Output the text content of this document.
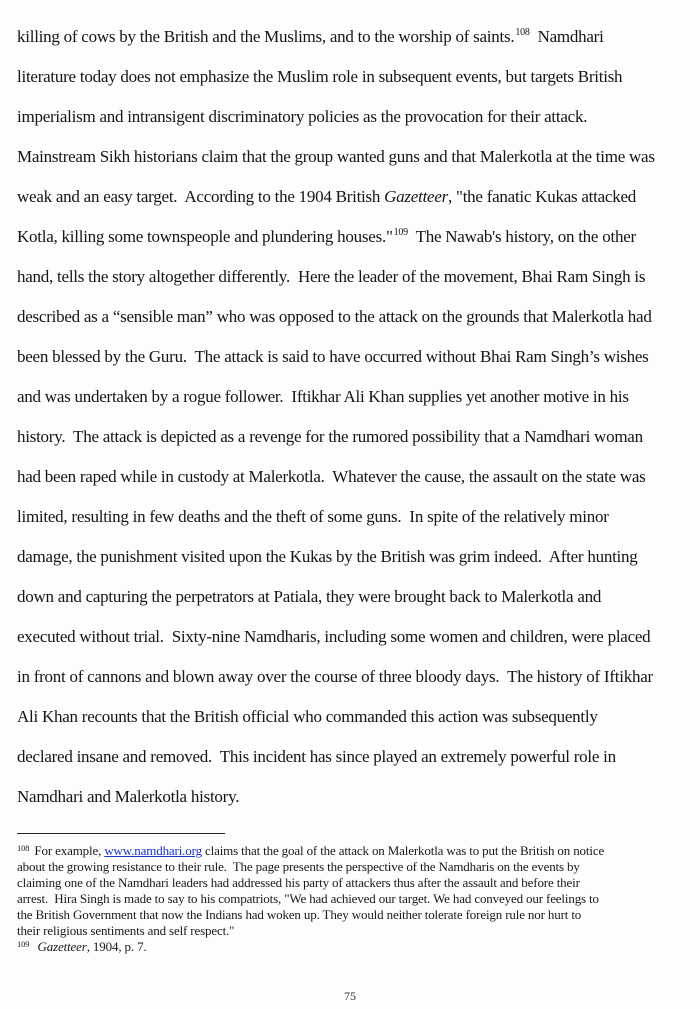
killing of cows by the British and the Muslims, and to the worship of saints.$^{108}$  Namdhari
literature today does not emphasize the Muslim role in subsequent events, but targets British
imperialism and intransigent discriminatory policies as the provocation for their attack.
Mainstream Sikh historians claim that the group wanted guns and that Malerkotla at the time was
weak and an easy target.  According to the 1904 British Gazetteer, "the fanatic Kukas attacked
Kotla, killing some townspeople and plundering houses."$^{109}$  The Nawab's history, on the other
hand, tells the story altogether differently.  Here the leader of the movement, Bhai Ram Singh is
described as a “sensible man” who was opposed to the attack on the grounds that Malerkotla had
been blessed by the Guru.  The attack is said to have occurred without Bhai Ram Singh’s wishes
and was undertaken by a rogue follower.  Iftikhar Ali Khan supplies yet another motive in his
history.  The attack is depicted as a revenge for the rumored possibility that a Namdhari woman
had been raped while in custody at Malerkotla.  Whatever the cause, the assault on the state was
limited, resulting in few deaths and the theft of some guns.  In spite of the relatively minor
damage, the punishment visited upon the Kukas by the British was grim indeed.  After hunting
down and capturing the perpetrators at Patiala, they were brought back to Malerkotla and
executed without trial.  Sixty-nine Namdharis, including some women and children, were placed
in front of cannons and blown away over the course of three bloody days.  The history of Iftikhar
Ali Khan recounts that the British official who commanded this action was subsequently
declared insane and removed.  This incident has since played an extremely powerful role in
Namdhari and Malerkotla history.
$^{108}$ For example, www.namdhari.org claims that the goal of the attack on Malerkotla was to put the British on notice
about the growing resistance to their rule.  The page presents the perspective of the Namdharis on the events by
claiming one of the Namdhari leaders had addressed his party of attackers thus after the assault and before their
arrest.  Hira Singh is made to say to his compatriots, "We had achieved our target. We had conveyed our feelings to
the British Government that now the Indians had woken up. They would neither tolerate foreign rule nor hurt to
their religious sentiments and self respect."
$^{109}$ Gazetteer, 1904, p. 7.
75
